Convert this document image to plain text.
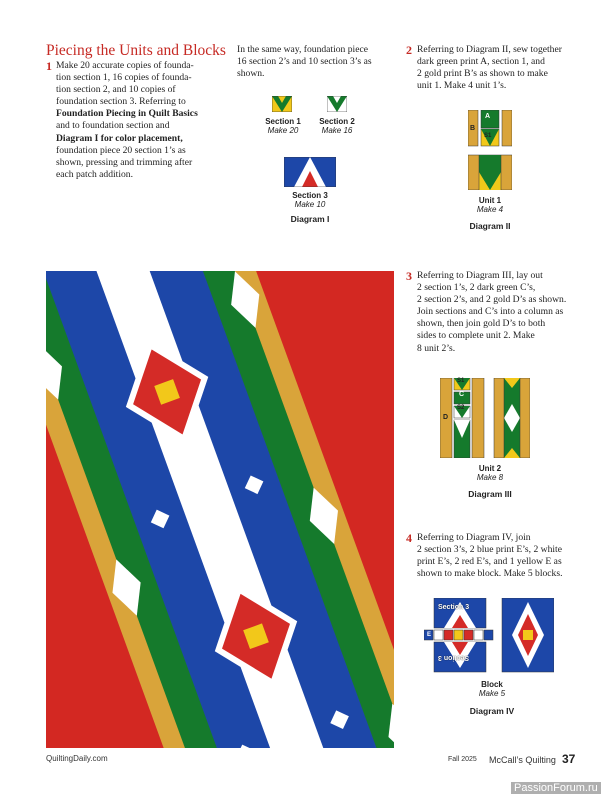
Piecing the Units and Blocks
1 Make 20 accurate copies of founda-

tion section 1, 16 copies of founda-

tion section 2, and 10 copies of

foundation section 3. Referring to

Foundation Piecing in Quilt Basics

and to foundation section and

Diagram I for color placement,

foundation piece 20 section 1’s as

shown, pressing and trimming after

each patch addition.

In the same way, foundation piece

16 section 2’s and 10 section 3’s as

shown.

2 Referring to Diagram II, sew together

dark green print A, section 1, and

2 gold print B’s as shown to make

unit 1. Make 4 unit 1’s.

Section 1
Make 20
Section 2
Make 16
Section 3
Make 10
Diagram I
A
B
S1
Unit 1
Make 4
Diagram II
3 Referring to Diagram III, lay out

2 section 1’s, 2 dark green C’s,

2 section 2’s, and 2 gold D’s as shown.

Join sections and C’s into a column as

shown, then join gold D’s to both

sides to complete unit 2. Make

8 unit 2’s.

S1
C
S2
D
Unit 2
Make 8
Diagram III
4 Referring to Diagram IV, join

2 section 3’s, 2 blue print E’s, 2 white

print E’s, 2 red E’s, and 1 yellow E as

shown to make block. Make 5 blocks.

Section 3
Section 3
E
Block
Make 5
Diagram IV
QuiltingDaily.com	Fall 2025 McCall’s Quilting 37
PassionForum.ru
